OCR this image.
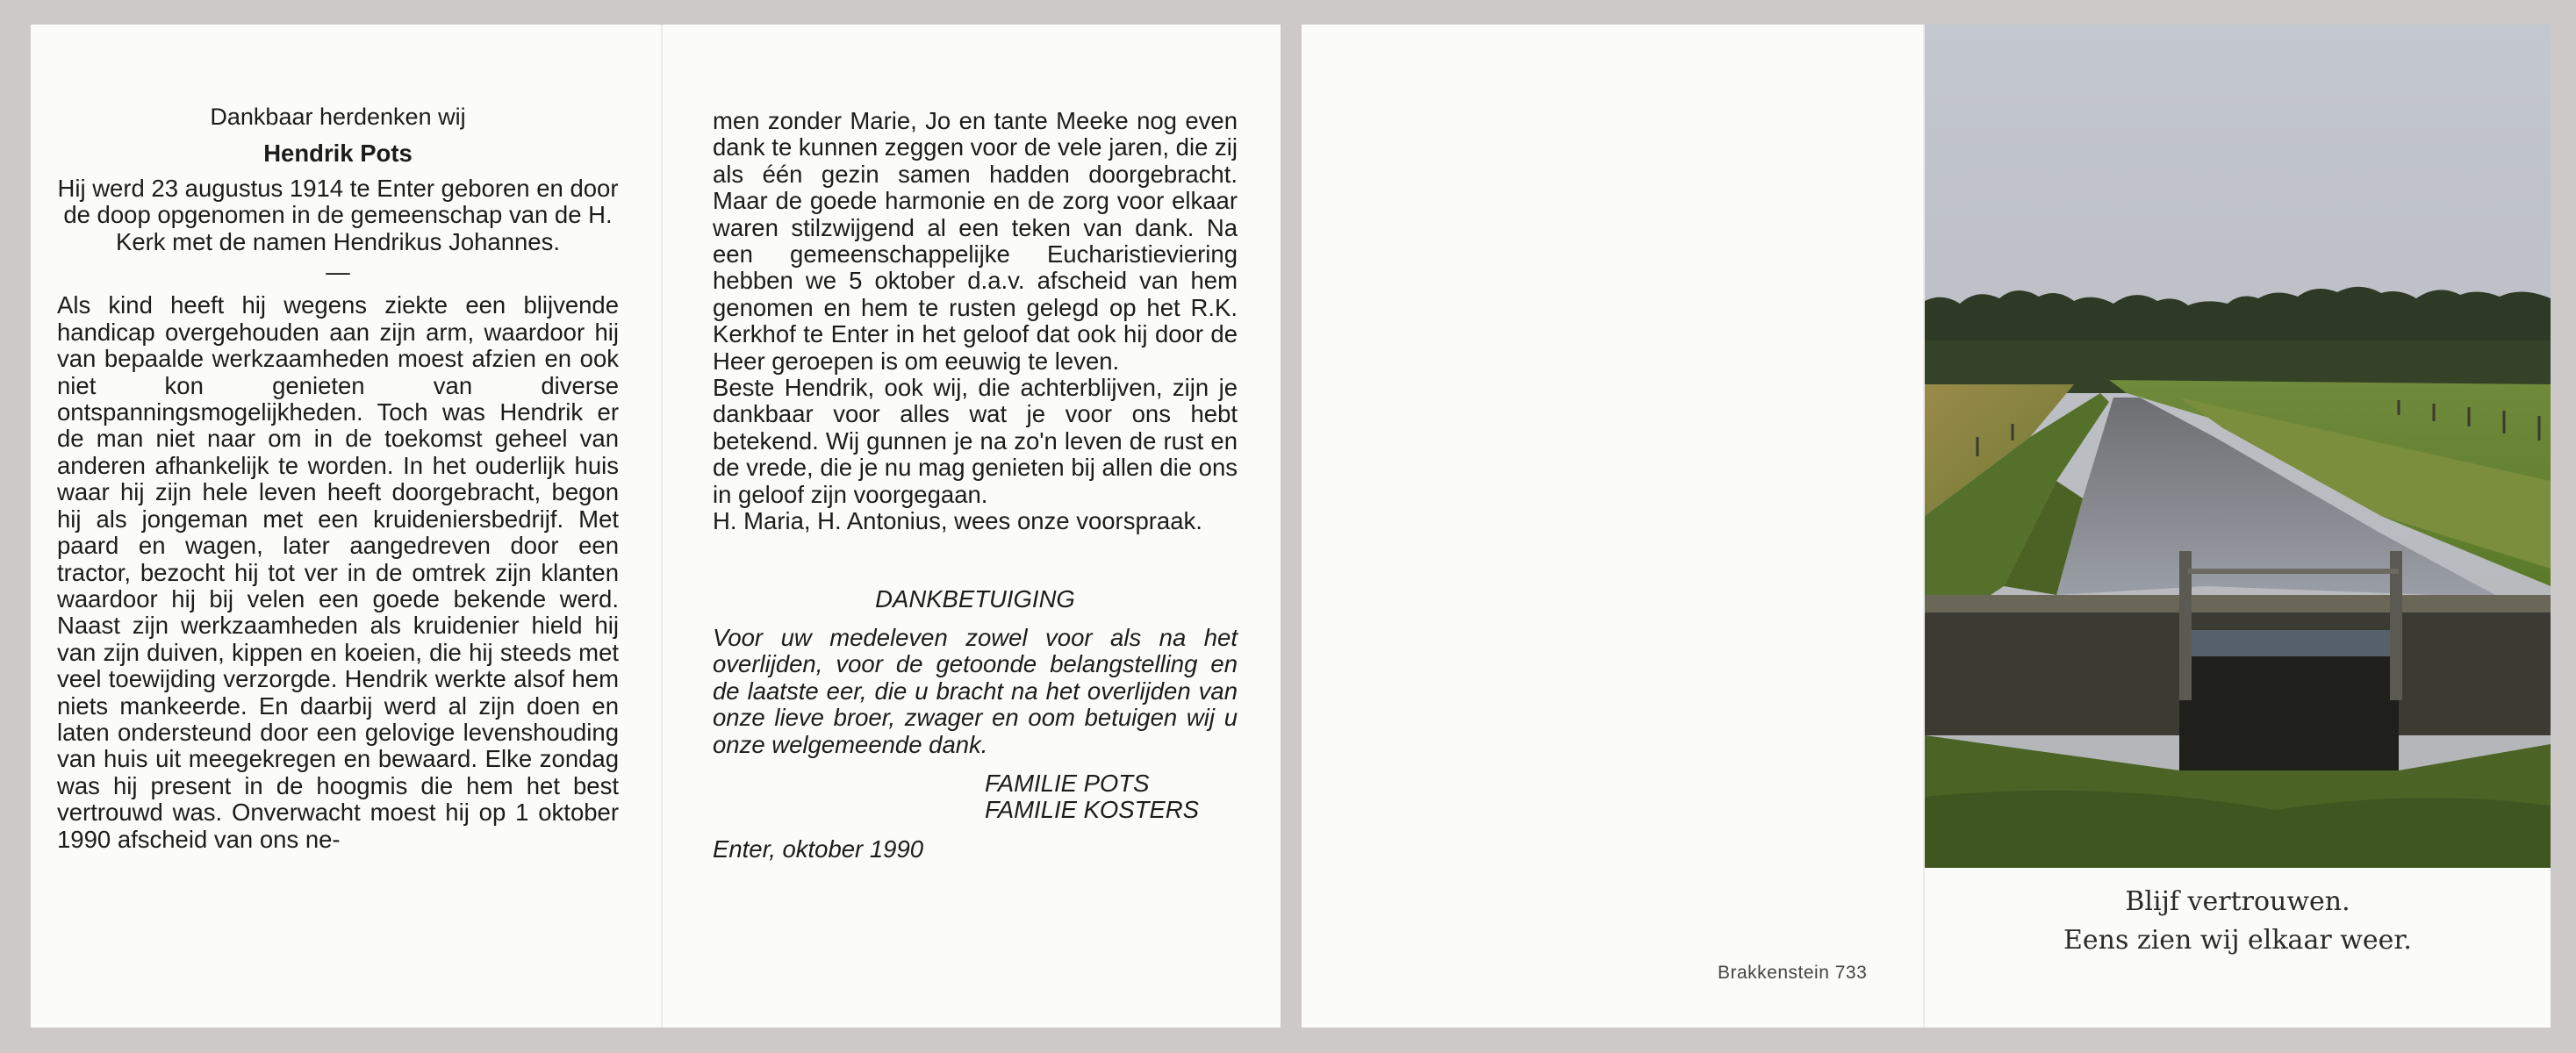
Dankbaar herdenken wij

Hendrik Pots

Hij werd 23 augustus 1914 te Enter geboren en door de doop opgenomen in de gemeenschap van de H. Kerk met de namen Hendrikus Johannes.

—

Als kind heeft hij wegens ziekte een blijvende handicap overgehouden aan zijn arm, waardoor hij van bepaalde werkzaamheden moest afzien en ook niet kon genieten van diverse ontspanningsmogelijkheden. Toch was Hendrik er de man niet naar om in de toekomst geheel van anderen afhankelijk te worden. In het ouderlijk huis waar hij zijn hele leven heeft doorgebracht, begon hij als jongeman met een kruideniersbedrijf. Met paard en wagen, later aangedreven door een tractor, bezocht hij tot ver in de omtrek zijn klanten waardoor hij bij velen een goede bekende werd. Naast zijn werkzaamheden als kruidenier hield hij van zijn duiven, kippen en koeien, die hij steeds met veel toewijding verzorgde. Hendrik werkte alsof hem niets mankeerde. En daarbij werd al zijn doen en laten ondersteund door een gelovige levenshouding van huis uit meegekregen en bewaard. Elke zondag was hij present in de hoogmis die hem het best vertrouwd was. Onverwacht moest hij op 1 oktober 1990 afscheid van ons ne-

men zonder Marie, Jo en tante Meeke nog even dank te kunnen zeggen voor de vele jaren, die zij als één gezin samen hadden doorgebracht. Maar de goede harmonie en de zorg voor elkaar waren stilzwijgend al een teken van dank. Na een gemeenschappelijke Eucharistieviering hebben we 5 oktober d.a.v. afscheid van hem genomen en hem te rusten gelegd op het R.K. Kerkhof te Enter in het geloof dat ook hij door de Heer geroepen is om eeuwig te leven.

Beste Hendrik, ook wij, die achterblijven, zijn je dankbaar voor alles wat je voor ons hebt betekend. Wij gunnen je na zo'n leven de rust en de vrede, die je nu mag genieten bij allen die ons in geloof zijn voorgegaan.

H. Maria, H. Antonius, wees onze voorspraak.

DANKBETUIGING

Voor uw medeleven zowel voor als na het overlijden, voor de getoonde belangstelling en de laatste eer, die u bracht na het overlijden van onze lieve broer, zwager en oom betuigen wij u onze welgemeende dank.

FAMILIE POTS

FAMILIE KOSTERS

Enter, oktober 1990

Brakkenstein 733
Blijf vertrouwen.
Eens zien wij elkaar weer.
